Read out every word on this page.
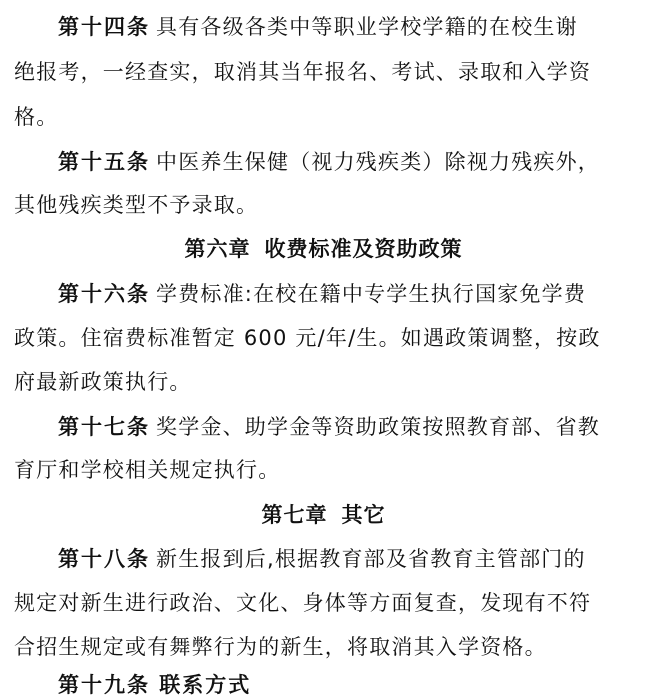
第十四条 具有各级各类中等职业学校学籍的在校生谢
绝报考，一经查实，取消其当年报名、考试、录取和入学资
格。
第十五条 中医养生保健（视力残疾类）除视力残疾外，
其他残疾类型不予录取。
第六章 收费标准及资助政策
第十六条 学费标准:在校在籍中专学生执行国家免学费
政策。住宿费标准暂定 600 元/年/生。如遇政策调整，按政
府最新政策执行。
第十七条 奖学金、助学金等资助政策按照教育部、省教
育厅和学校相关规定执行。
第七章 其它
第十八条 新生报到后,根据教育部及省教育主管部门的
规定对新生进行政治、文化、身体等方面复查，发现有不符
合招生规定或有舞弊行为的新生，将取消其入学资格。
第十九条 联系方式
